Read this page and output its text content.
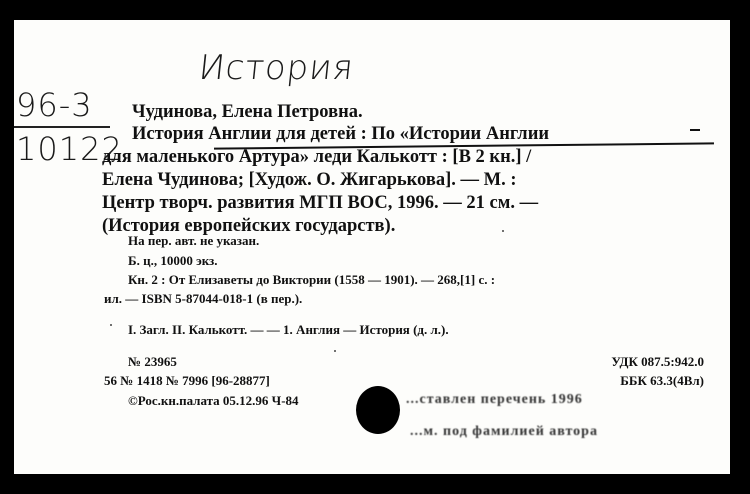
История
96-3
10122
Чудинова, Елена Петровна.
История Англии для детей : По «Истории Англии
для маленького Артура» леди Калькотт : [В 2 кн.] /
Елена Чудинова; [Худож. О. Жигарькова]. — М. :
Центр творч. развития МГП ВОС, 1996. — 21 см. —
(История европейских государств).
На пер. авт. не указан.
Б. ц., 10000 экз.
Кн. 2 : От Елизаветы до Виктории (1558 — 1901). — 268,[1] с. :
ил. — ISBN 5-87044-018-1 (в пер.).
I. Загл. II. Калькотт. — — 1. Англия — История (д. л.).
№ 23965	УДК 087.5:942.0
56 № 1418 № 7996 [96-28877]	ББК 63.3(4Вл)
©Рос.кн.палата 05.12.96 Ч-84	...ставлен перечень 1996
...м. под фамилией автора
